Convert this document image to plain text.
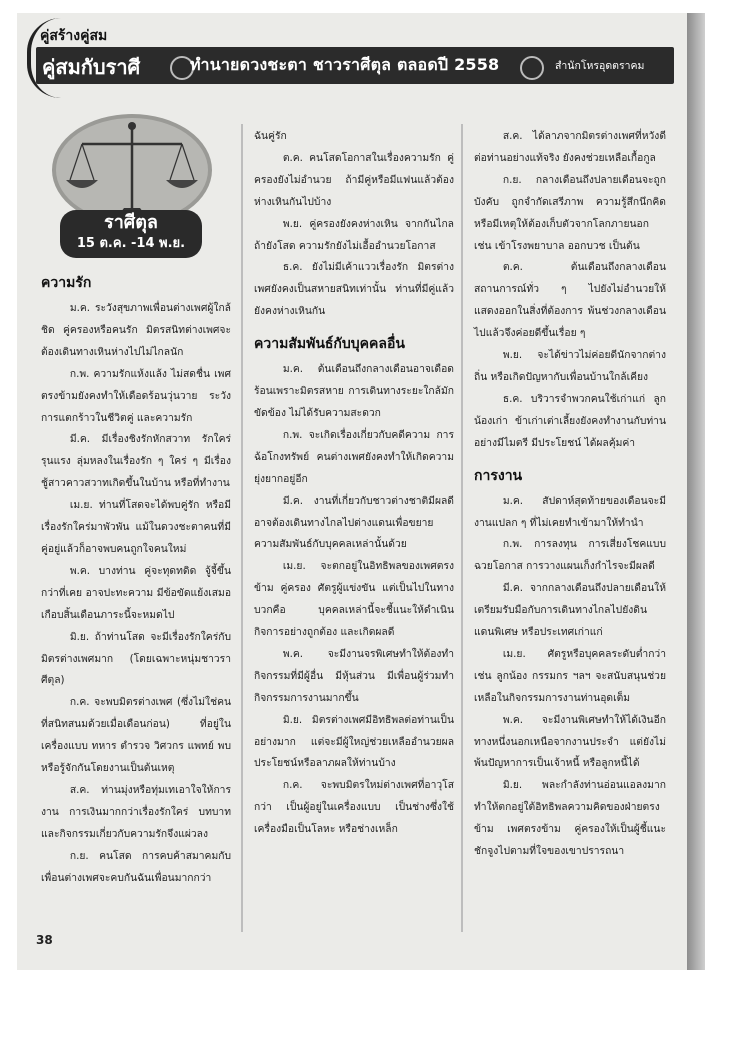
คู่สร้างคู่สม
คู่สมกับราศี	ทำนายดวงชะตา ชาวราศีตุล ตลอดปี 2558	สำนักโหรอุดตราคม
ราศีตุล
15 ต.ค. -14 พ.ย.

ความรัก

ม.ค. ระวังสุขภาพเพื่อนต่างเพศผู้ใกล้ชิด คู่ครองหรือคนรัก มิตรสนิทต่างเพศจะต้องเดินทางเหินห่างไปไม่ไกลนัก

ก.พ. ความรักแห้งแล้ง ไม่สดชื่น เพศตรงข้ามยังคงทำให้เดือดร้อนวุ่นวาย ระวังการแตกร้าวในชีวิตคู่ และความรัก

มี.ค. มีเรื่องชิงรักหักสวาท รักใคร่รุนแรง ลุ่มหลงในเรื่องรัก ๆ ใคร่ ๆ มีเรื่องชู้สาวคาวสวาทเกิดขึ้นในบ้าน หรือที่ทำงาน

เม.ย. ท่านที่โสดจะได้พบคู่รัก หรือมีเรื่องรักใคร่มาพัวพัน แม้ในดวงชะตาคนที่มีคู่อยู่แล้วก็อาจพบคนถูกใจคนใหม่

พ.ค. บางท่าน คู่จะทุดทดิด จู้จี้ขึ้นกว่าที่เคย อาจปะทะความ มีข้อขัดแย้งเสมอ เกือบสิ้นเดือนภาระนี้จะหมดไป

มิ.ย. ถ้าท่านโสด จะมีเรื่องรักใคร่กับมิตรต่างเพศมาก (โดยเฉพาะหนุ่มชาวราศีตุล)

ก.ค. จะพบมิตรต่างเพศ (ซึ่งไม่ใช่คนที่สนิทสนมด้วยเมื่อเดือนก่อน) ที่อยู่ในเครื่องแบบ ทหาร ตำรวจ วิศวกร แพทย์ พบหรือรู้จักกันโดยงานเป็นต้นเหตุ

ส.ค. ท่านมุ่งหรือทุ่มเทเอาใจให้การงาน การเงินมากกว่าเรื่องรักใคร่ บทบาทและกิจกรรมเกี่ยวกับความรักจึงแผ่วลง

ก.ย. คนโสด การคบค้าสมาคมกับเพื่อนต่างเพศจะคบกันฉันเพื่อนมากกว่า

ฉันคู่รัก

ต.ค. คนโสดโอกาสในเรื่องความรัก คู่ครองยังไม่อำนวย ถ้ามีคู่หรือมีแฟนแล้วต้องห่างเหินกันไปบ้าง

พ.ย. คู่ครองยังคงห่างเหิน จากกันไกล ถ้ายังโสด ความรักยังไม่เอื้ออำนวยโอกาส

ธ.ค. ยังไม่มีเค้าแววเรื่องรัก มิตรต่างเพศยังคงเป็นสหายสนิทเท่านั้น ท่านที่มีคู่แล้วยังคงห่างเหินกัน

ความสัมพันธ์กับบุคคลอื่น

ม.ค. ต้นเดือนถึงกลางเดือนอาจเดือดร้อนเพราะมิตรสหาย การเดินทางระยะใกล้มักขัดข้อง ไม่ได้รับความสะดวก

ก.พ. จะเกิดเรื่องเกี่ยวกับคดีความ การฉ้อโกงทรัพย์ คนต่างเพศยังคงทำให้เกิดความยุ่งยากอยู่อีก

มี.ค. งานที่เกี่ยวกับชาวต่างชาติมีผลดี อาจต้องเดินทางไกลไปต่างแดนเพื่อขยายความสัมพันธ์กับบุคคลเหล่านั้นด้วย

เม.ย. จะตกอยู่ในอิทธิพลของเพศตรงข้าม คู่ครอง ศัตรูผู้แข่งขัน แต่เป็นไปในทางบวกคือ บุคคลเหล่านี้จะชี้แนะให้ดำเนินกิจการอย่างถูกต้อง และเกิดผลดี

พ.ค. จะมีงานจรพิเศษทำให้ต้องทำกิจกรรมที่มีผู้อื่น มีหุ้นส่วน มีเพื่อนผู้ร่วมทำกิจกรรมการงานมากขึ้น

มิ.ย. มิตรต่างเพศมีอิทธิพลต่อท่านเป็นอย่างมาก แต่จะมีผู้ใหญ่ช่วยเหลืออำนวยผลประโยชน์หรือลาภผลให้ท่านบ้าง

ก.ค. จะพบมิตรใหม่ต่างเพศที่อาวุโสกว่า เป็นผู้อยู่ในเครื่องแบบ เป็นช่างซึ่งใช้เครื่องมือเป็นโลหะ หรือช่างเหล็ก

ส.ค. ได้ลาภจากมิตรต่างเพศที่หวังดีต่อท่านอย่างแท้จริง ยังคงช่วยเหลือเกื้อกูล

ก.ย. กลางเดือนถึงปลายเดือนจะถูกบังคับ ถูกจำกัดเสรีภาพ ความรู้สึกนึกคิดหรือมีเหตุให้ต้องเก็บตัวจากโลกภายนอก เช่น เข้าโรงพยาบาล ออกบวช เป็นต้น

ต.ค. ต้นเดือนถึงกลางเดือน สถานการณ์ทั่ว ๆ ไปยังไม่อำนวยให้แสดงออกในสิ่งที่ต้องการ พ้นช่วงกลางเดือนไปแล้วจึงค่อยดีขึ้นเรื่อย ๆ

พ.ย. จะได้ข่าวไม่ค่อยดีนักจากต่างถิ่น หรือเกิดปัญหากับเพื่อนบ้านใกล้เคียง

ธ.ค. บริวารจำพวกคนใช้เก่าแก่ ลูกน้องเก่า ข้าเก่าเต่าเลี้ยงยังคงทำงานกับท่านอย่างมีไมตรี มีประโยชน์ ได้ผลคุ้มค่า

การงาน

ม.ค. สัปดาห์สุดท้ายของเดือนจะมีงานแปลก ๆ ที่ไม่เคยทำเข้ามาให้ทำนำ

ก.พ. การลงทุน การเสี่ยงโชคแบบฉวยโอกาส การวางแผนเก็งกำไรจะมีผลดี

มี.ค. จากกลางเดือนถึงปลายเดือนให้เตรียมรับมือกับการเดินทางไกลไปยังดินแดนพิเศษ หรือประเทศเก่าแก่

เม.ย. ศัตรูหรือบุคคลระดับต่ำกว่า เช่น ลูกน้อง กรรมกร ฯลฯ จะสนับสนุนช่วยเหลือในกิจกรรมการงานท่านอุดเต็ม

พ.ค. จะมีงานพิเศษทำให้ได้เงินอีกทางหนึ่งนอกเหนือจากงานประจำ แต่ยังไม่พ้นปัญหาการเป็นเจ้าหนี้ หรือลูกหนี้ได้

มิ.ย. พละกำลังท่านอ่อนแอลงมาก ทำให้ตกอยู่ใต้อิทธิพลความคิดของฝ่ายตรงข้าม เพศตรงข้าม คู่ครองให้เป็นผู้ชี้แนะ ชักจูงไปตามที่ใจของเขาปรารถนา

38
